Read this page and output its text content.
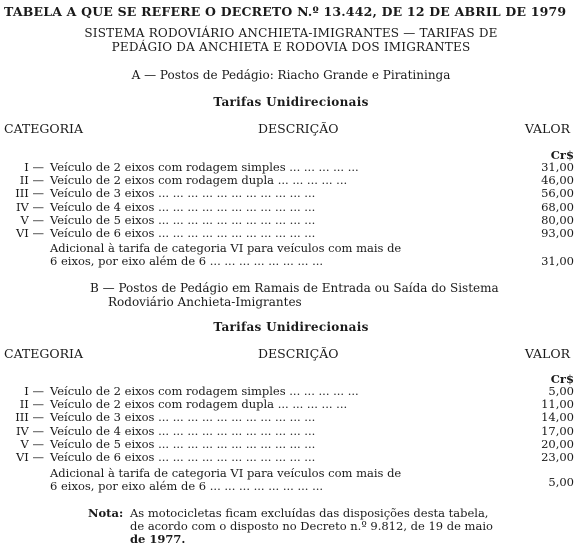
TABELA A QUE SE REFERE O DECRETO N.º 13.442, DE 12 DE ABRIL DE 1979
SISTEMA RODOVIÁRIO ANCHIETA-IMIGRANTES — TARIFAS DE
PEDÁGIO DA ANCHIETA E RODOVIA DOS IMIGRANTES
A — Postos de Pedágio: Riacho Grande e Piratininga
Tarifas Unidirecionais
CATEGORIA	DESCRIÇÃO	VALOR
Cr$
I — Veículo de 2 eixos com rodagem simples ... ... ... ... ...	31,00
II — Veículo de 2 eixos com rodagem dupla ... ... ... ... ...	46,00
III — Veículo de 3 eixos ... ... ... ... ... ... ... ... ... ... ...	56,00
IV — Veículo de 4 eixos ... ... ... ... ... ... ... ... ... ... ...	68,00
V — Veículo de 5 eixos ... ... ... ... ... ... ... ... ... ... ...	80,00
VI — Veículo de 6 eixos ... ... ... ... ... ... ... ... ... ... ...	93,00
Adicional à tarifa de categoria VI para veículos com mais de
6 eixos, por eixo além de 6 ... ... ... ... ... ... ... ...	31,00
B — Postos de Pedágio em Ramais de Entrada ou Saída do Sistema
Rodoviário Anchieta-Imigrantes
Tarifas Unidirecionais
CATEGORIA	DESCRIÇÃO	VALOR
Cr$
I — Veículo de 2 eixos com rodagem simples ... ... ... ... ...	5,00
II — Veículo de 2 eixos com rodagem dupla ... ... ... ... ...	11,00
III — Veículo de 3 eixos ... ... ... ... ... ... ... ... ... ... ...	14,00
IV — Veículo de 4 eixos ... ... ... ... ... ... ... ... ... ... ...	17,00
V — Veículo de 5 eixos ... ... ... ... ... ... ... ... ... ... ...	20,00
VI — Veículo de 6 eixos ... ... ... ... ... ... ... ... ... ... ...	23,00
Adicional à tarifa de categoria VI para veículos com mais de
6 eixos, por eixo além de 6 ... ... ... ... ... ... ... ...	5,00
Nota: As motocicletas ficam excluídas das disposições desta tabela,
de acordo com o disposto no Decreto n.º 9.812, de 19 de maio
de 1977.
